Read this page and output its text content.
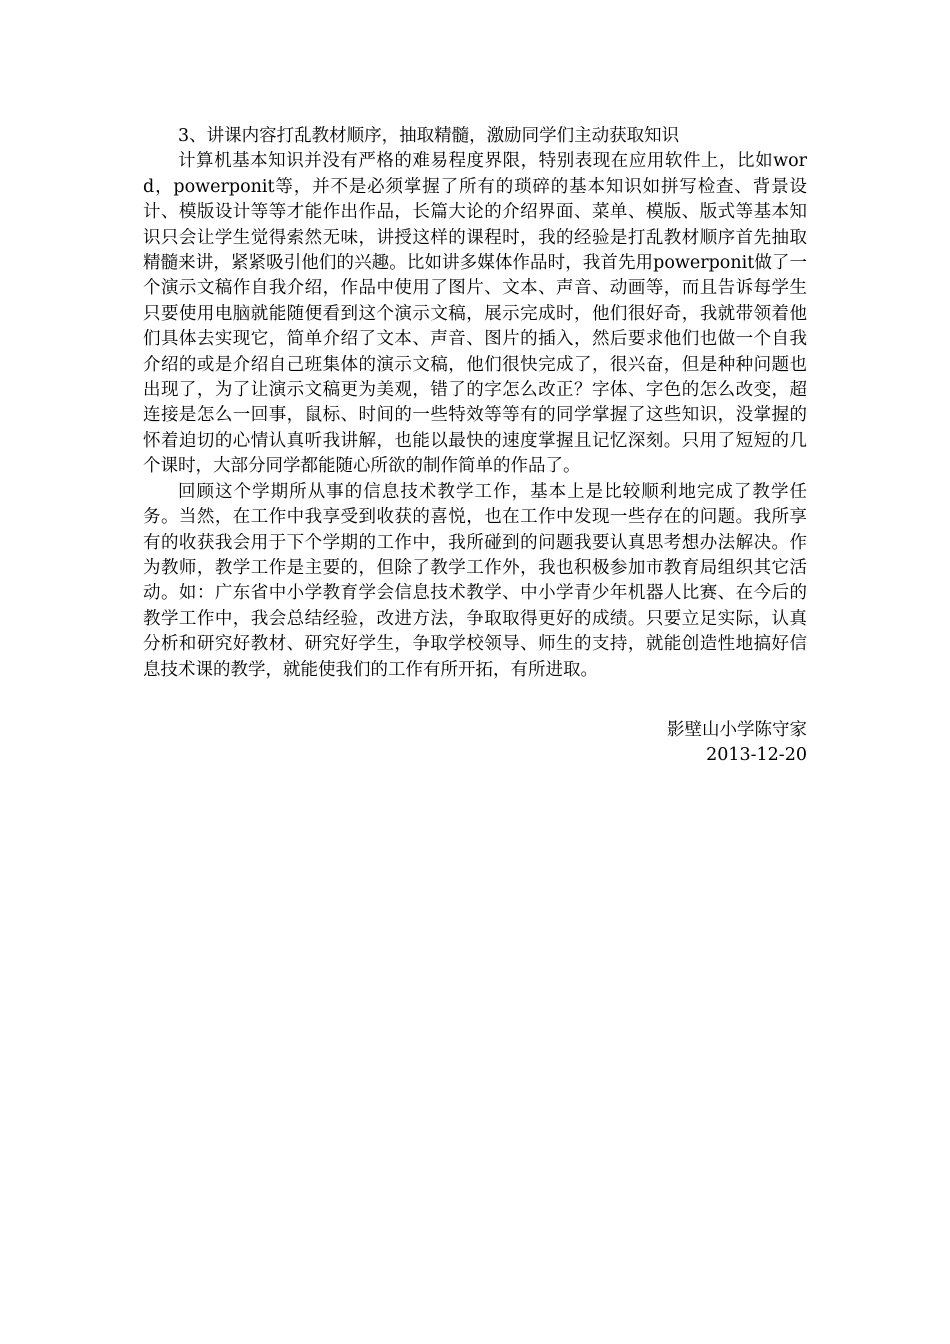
3、讲课内容打乱教材顺序，抽取精髓，激励同学们主动获取知识

计算机基本知识并没有严格的难易程度界限，特别表现在应用软件上，比如word，powerponit等，并不是必须掌握了所有的琐碎的基本知识如拼写检查、背景设计、模版设计等等才能作出作品，长篇大论的介绍界面、菜单、模版、版式等基本知识只会让学生觉得索然无味，讲授这样的课程时，我的经验是打乱教材顺序首先抽取精髓来讲，紧紧吸引他们的兴趣。比如讲多媒体作品时，我首先用powerponit做了一个演示文稿作自我介绍，作品中使用了图片、文本、声音、动画等，而且告诉每学生只要使用电脑就能随便看到这个演示文稿，展示完成时，他们很好奇，我就带领着他们具体去实现它，简单介绍了文本、声音、图片的插入，然后要求他们也做一个自我介绍的或是介绍自己班集体的演示文稿，他们很快完成了，很兴奋，但是种种问题也出现了，为了让演示文稿更为美观，错了的字怎么改正？字体、字色的怎么改变，超连接是怎么一回事，鼠标、时间的一些特效等等有的同学掌握了这些知识，没掌握的怀着迫切的心情认真听我讲解，也能以最快的速度掌握且记忆深刻。只用了短短的几个课时，大部分同学都能随心所欲的制作简单的作品了。

回顾这个学期所从事的信息技术教学工作，基本上是比较顺利地完成了教学任务。当然，在工作中我享受到收获的喜悦，也在工作中发现一些存在的问题。我所享有的收获我会用于下个学期的工作中，我所碰到的问题我要认真思考想办法解决。作为教师，教学工作是主要的，但除了教学工作外，我也积极参加市教育局组织其它活动。如：广东省中小学教育学会信息技术教学、中小学青少年机器人比赛、在今后的教学工作中，我会总结经验，改进方法，争取取得更好的成绩。只要立足实际，认真分析和研究好教材、研究好学生，争取学校领导、师生的支持，就能创造性地搞好信息技术课的教学，就能使我们的工作有所开拓，有所进取。

影壁山小学陈守家
2013-12-20
